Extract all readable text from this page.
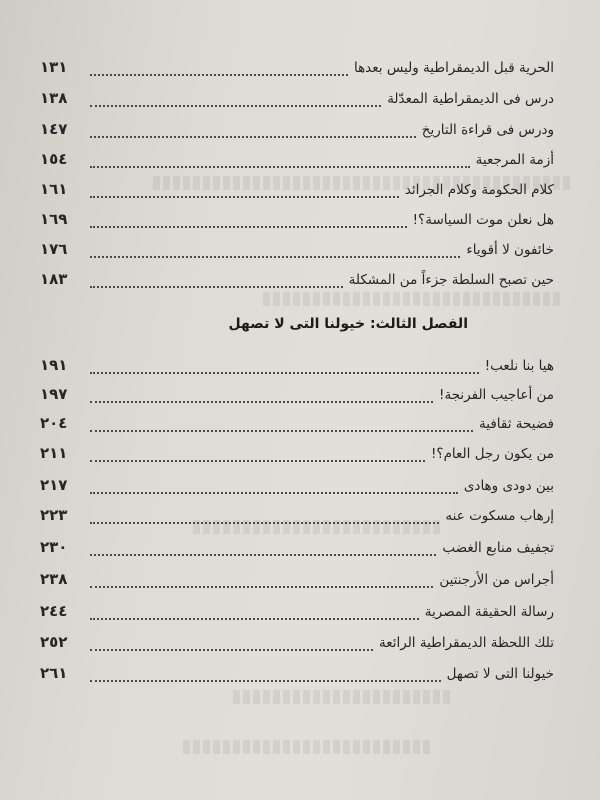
الحرية قبل الديمقراطية وليس بعدها
١٣١
درس فى الديمقراطية المعدّلة
١٣٨
ودرس فى قراءة التاريخ
١٤٧
أزمة المرجعية
١٥٤
كلام الحكومة وكلام الجرائد
١٦١
هل نعلن موت السياسة؟!
١٦٩
خائفون لا أقوياء
١٧٦
حين تصبح السلطة جزءاً من المشكلة
١٨٣
الفصل الثالث: خيولنا التى لا تصهل
هيا بنا نلعب!
١٩١
من أعاجيب الفرنجة!
١٩٧
فضيحة ثقافية
٢٠٤
من يكون رجل العام؟!
٢١١
بين دودى وهادى
٢١٧
إرهاب مسكوت عنه
٢٢٣
تجفيف منابع الغضب
٢٣٠
أجراس من الأرجنتين
٢٣٨
رسالة الحقيقة المصرية
٢٤٤
تلك اللحظة الديمقراطية الرائعة
٢٥٢
خيولنا التى لا تصهل
٢٦١
